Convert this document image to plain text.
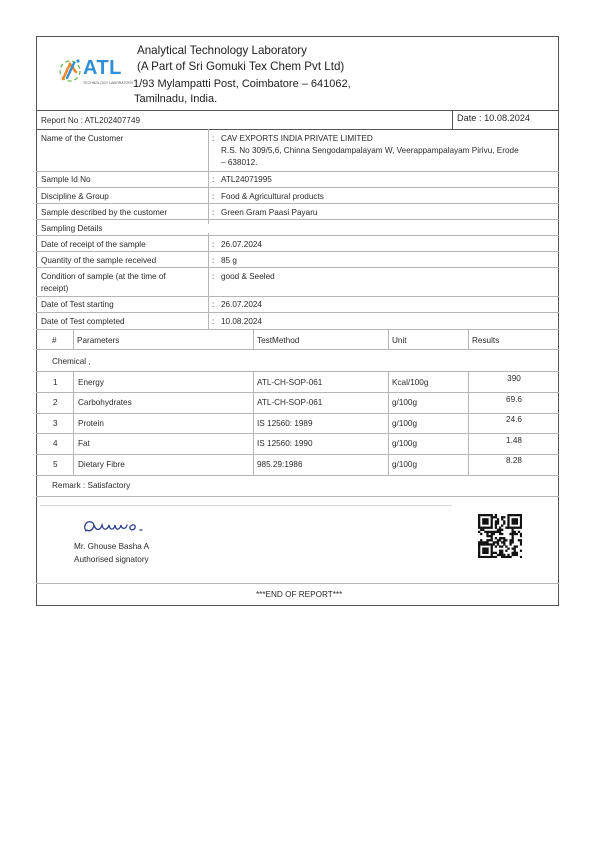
ATL
TECHNOLOGY LABORATORY
Analytical Technology Laboratory
(A Part of Sri Gomuki Tex Chem Pvt Ltd)
1/93 Mylampatti Post, Coimbatore – 641062,
Tamilnadu, India.
Report No : ATL202407749	Date : 10.08.2024
Name of the Customer	: CAV EXPORTS INDIA PRIVATE LIMITED
R.S. No 309/5,6, Chinna Sengodampalayam W, Veerappampalayam Pirivu, Erode
– 638012.
Sample Id No	: ATL24071995
Discipline & Group	: Food & Agricultural products
Sample described by the customer	: Green Gram Paasi Payaru
Sampling Details
Date of receipt of the sample	: 26.07.2024
Quantity of the sample received	: 85 g
Condition of sample (at the time of
receipt)
: good & Seeled
Date of Test starting	: 26.07.2024
Date of Test completed	: 10.08.2024
# Parameters	TestMethod	Unit	Results
Chemical ,
1 Energy	ATL-CH-SOP-061	Kcal/100g	390
2 Carbohydrates	ATL-CH-SOP-061	g/100g	69.6
3 Protein	IS 12560: 1989	g/100g	24.6
4 Fat	IS 12560: 1990	g/100g	1.48
5 Dietary Fibre	985.29:1986	g/100g	8.28
Remark : Satisfactory
Mr. Ghouse Basha A
Authorised signatory
***END OF REPORT***
